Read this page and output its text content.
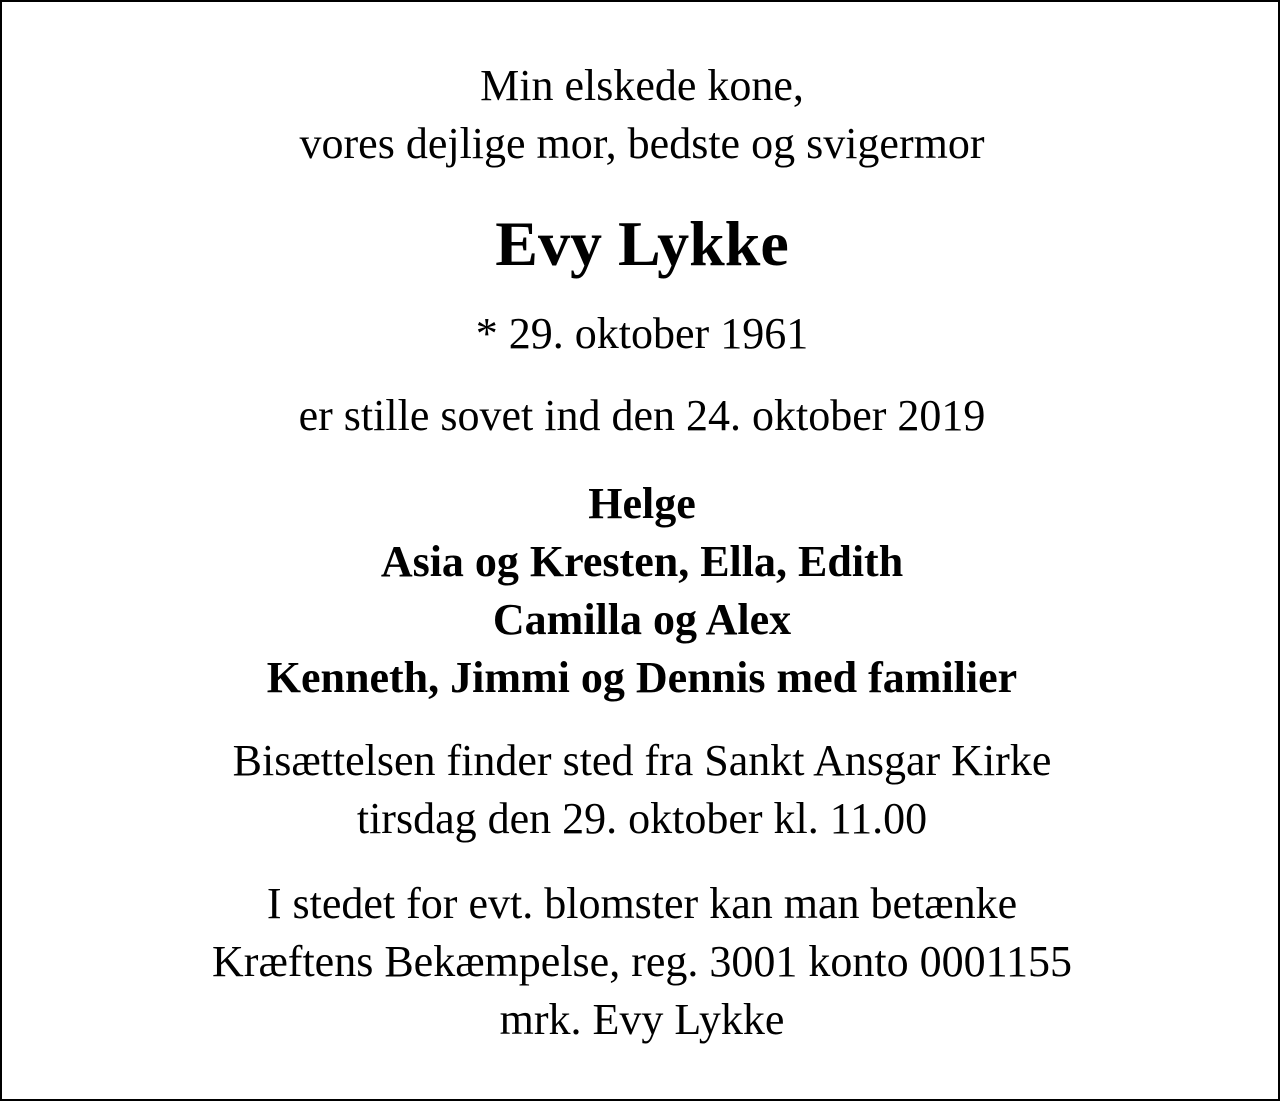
Min elskede kone,

vores dejlige mor, bedste og svigermor

Evy Lykke

* 29. oktober 1961

er stille sovet ind den 24. oktober 2019

Helge

Asia og Kresten, Ella, Edith

Camilla og Alex

Kenneth, Jimmi og Dennis med familier

Bisættelsen finder sted fra Sankt Ansgar Kirke

tirsdag den 29. oktober kl. 11.00

I stedet for evt. blomster kan man betænke

Kræftens Bekæmpelse, reg. 3001 konto 0001155

mrk. Evy Lykke
